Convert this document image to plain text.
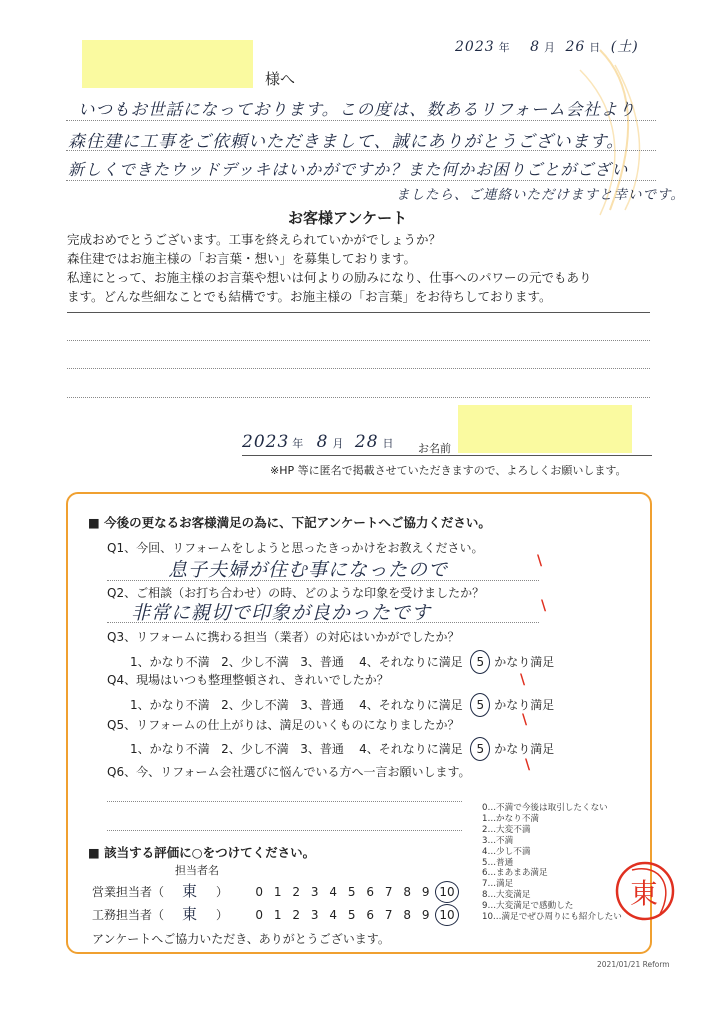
様へ
2023 年 8 月 26 日 (土)
いつもお世話になっております。この度は、数あるリフォーム会社より
森住建に工事をご依頼いただきまして、誠にありがとうございます。
新しくできたウッドデッキはいかがですか？また何かお困りごとがござい
ましたら、ご連絡いただけますと幸いです。
お客様アンケート
完成おめでとうございます。工事を終えられていかがでしょうか？
森住建ではお施主様の「お言葉・想い」を募集しております。
私達にとって、お施主様のお言葉や想いは何よりの励みになり、仕事へのパワーの元でもあり
ます。どんな些細なことでも結構です。お施主様の「お言葉」をお待ちしております。
2023 年 8 月 28 日	お名前
※HP 等に匿名で掲載させていただきますので、よろしくお願いします。
■ 今後の更なるお客様満足の為に、下記アンケートへご協力ください。
Q1、今回、リフォームをしようと思ったきっかけをお教えください。
息子夫婦が住む事になったので	\
Q2、ご相談（お打ち合わせ）の時、どのような印象を受けましたか？
非常に親切で印象が良かったです	\
Q3、リフォームに携わる担当（業者）の対応はいかがでしたか？
1、かなり不満 2、少し不満 3、普通 4、それなりに満足 5 かなり満足
\
Q4、現場はいつも整理整頓され、きれいでしたか？
1、かなり不満 2、少し不満 3、普通 4、それなりに満足 5 かなり満足
\
Q5、リフォームの仕上がりは、満足のいくものになりましたか？
1、かなり不満 2、少し不満 3、普通 4、それなりに満足 5 かなり満足
\
Q6、今、リフォーム会社選びに悩んでいる方へ一言お願いします。
■ 該当する評価に○をつけてください。
担当者名
営業担当者（ 東 ）	0 1 2 3 4 5 6 7 8 9 10
工務担当者（ 東 ）	0 1 2 3 4 5 6 7 8 9 10
アンケートへご協力いただき、ありがとうございます。
0…不満で今後は取引したくない
1…かなり不満
2…大変不満
3…不満
4…少し不満
5…普通
6…まあまあ満足
7…満足
8…大変満足
9…大変満足で感動した
10…満足でぜひ周りにも紹介したい
東
2021/01/21 Reform
